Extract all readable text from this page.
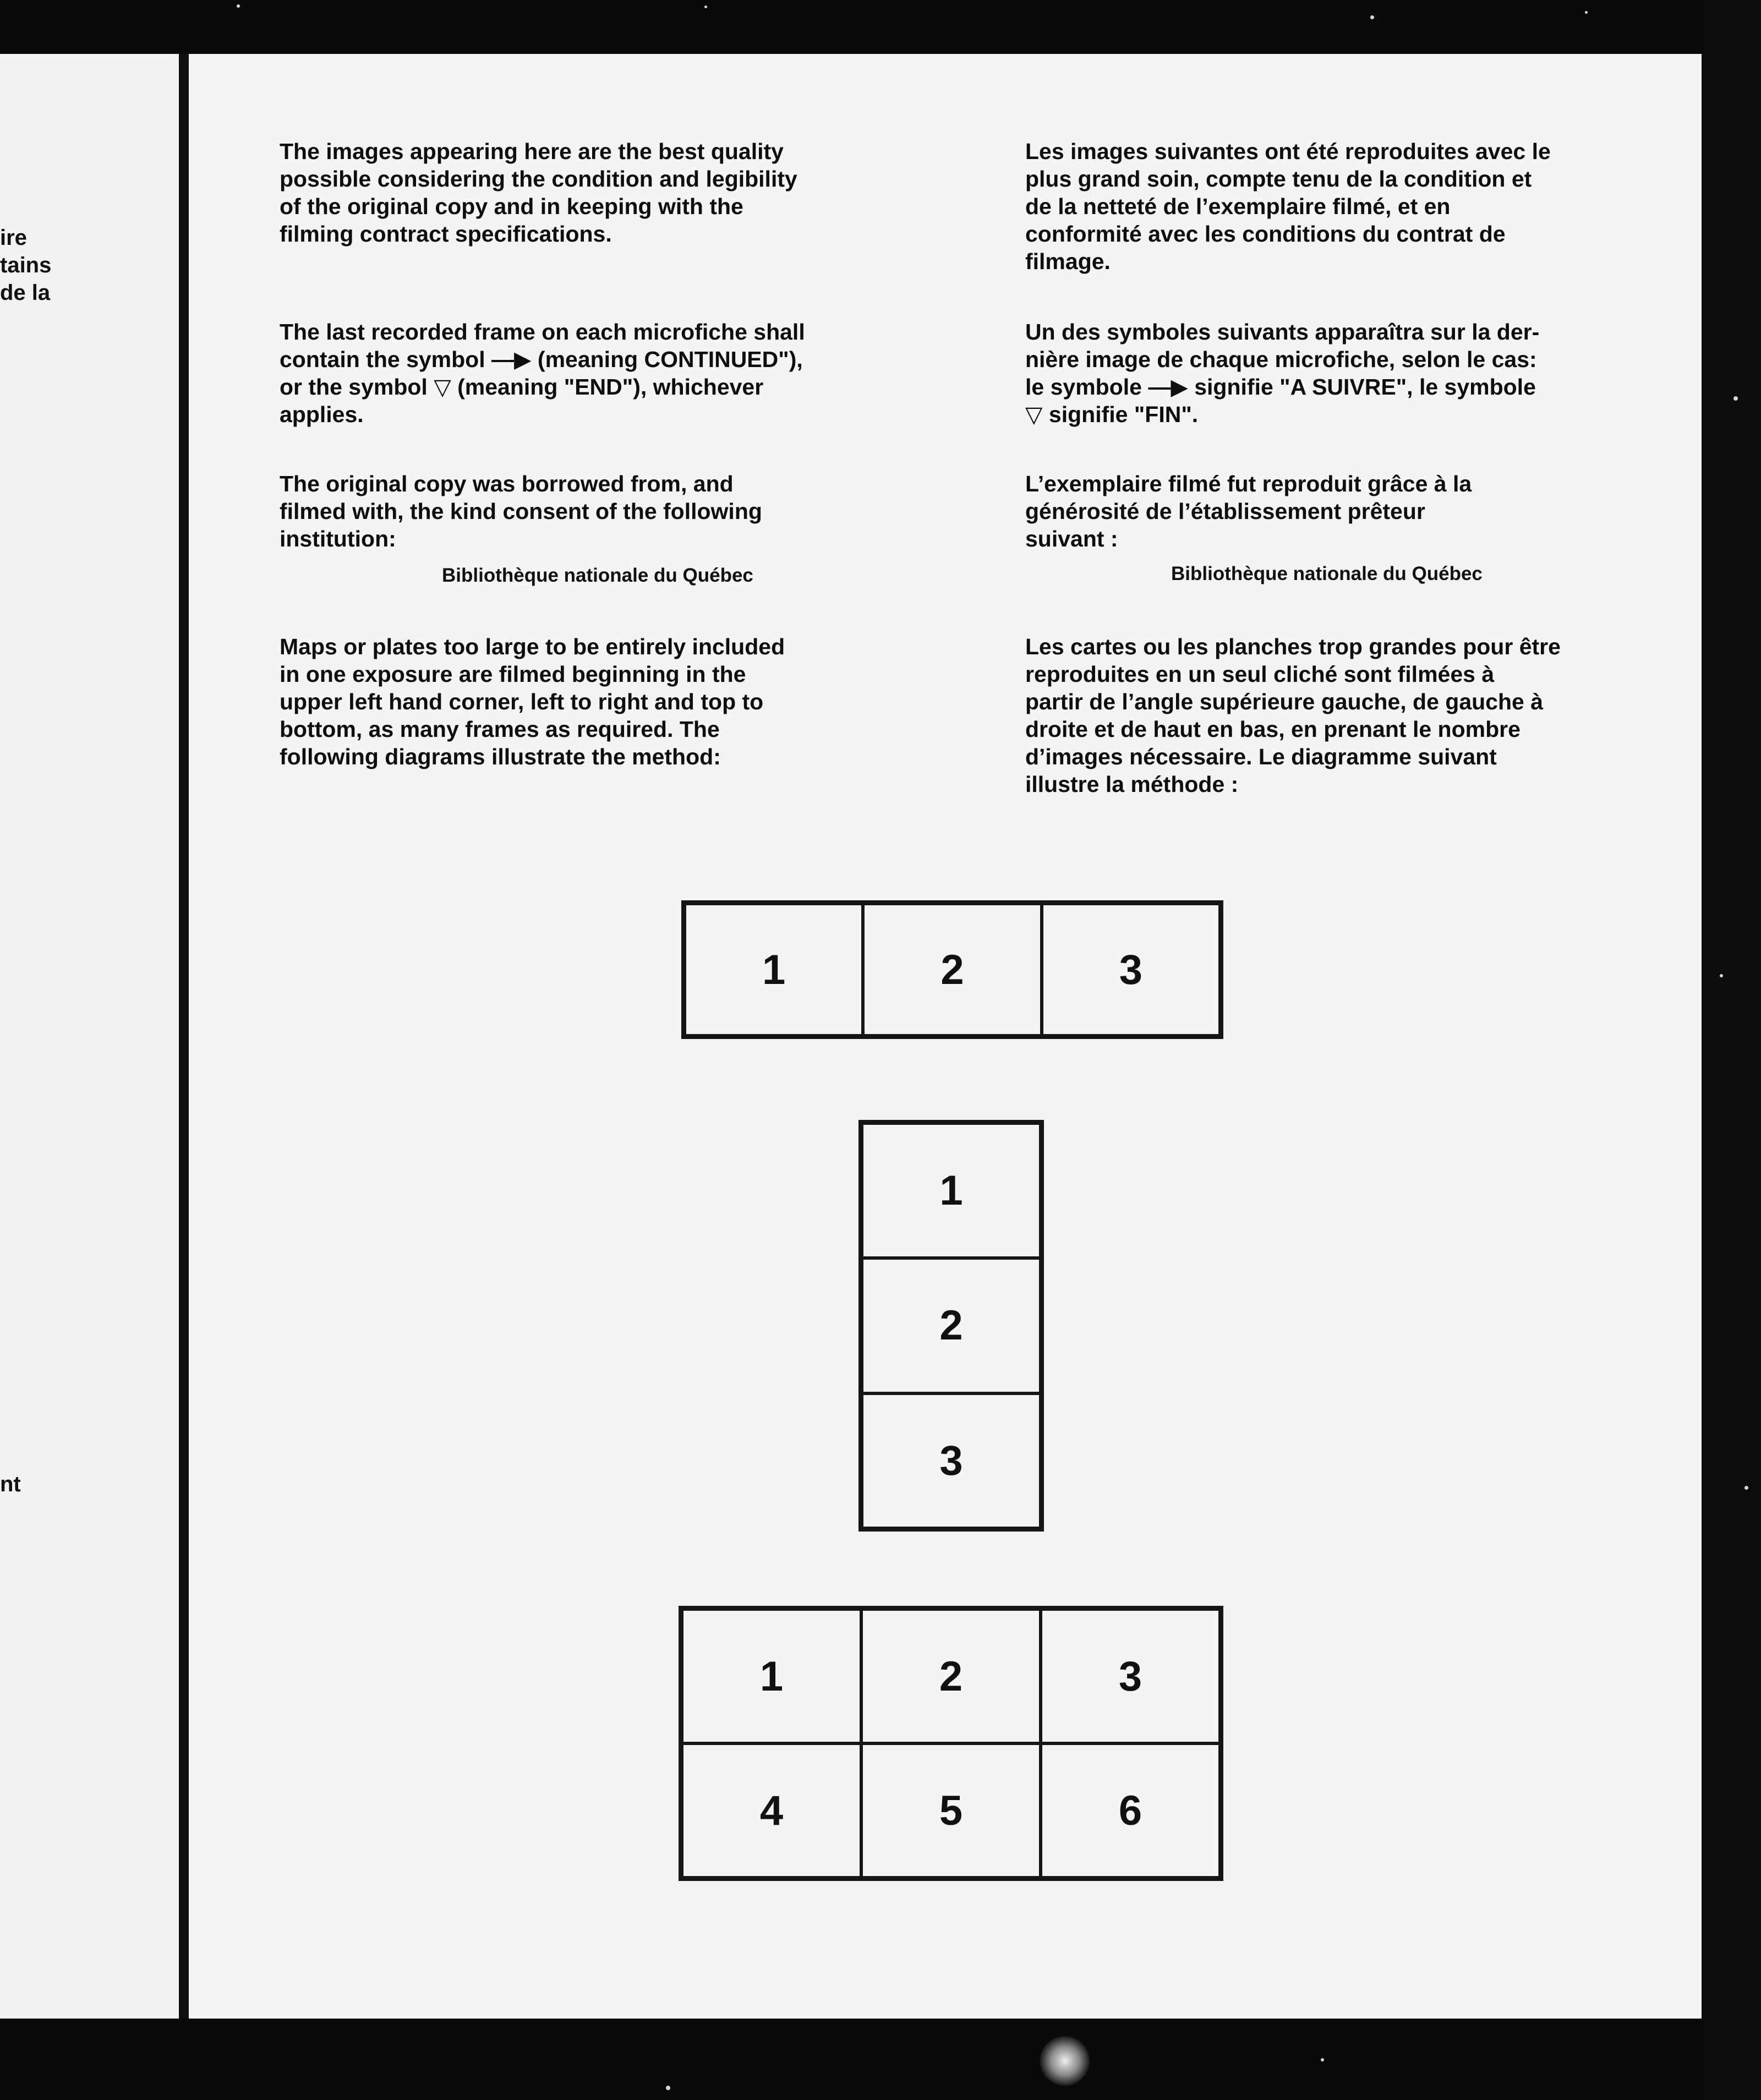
ire
tains
de la
nt

The images appearing here are the best quality

possible considering the condition and legibility

of the original copy and in keeping with the

filming contract specifications.

The last recorded frame on each microfiche shall

contain the symbol —▶ (meaning CONTINUED"),

or the symbol ▽ (meaning "END"), whichever

applies.

The original copy was borrowed from, and

filmed with, the kind consent of the following

institution:

Bibliothèque nationale du Québec

Maps or plates too large to be entirely included

in one exposure are filmed beginning in the

upper left hand corner, left to right and top to

bottom, as many frames as required. The

following diagrams illustrate the method:

Les images suivantes ont été reproduites avec le

plus grand soin, compte tenu de la condition et

de la netteté de l’exemplaire filmé, et en

conformité avec les conditions du contrat de

filmage.

Un des symboles suivants apparaîtra sur la der-

nière image de chaque microfiche, selon le cas:

le symbole —▶ signifie "A SUIVRE", le symbole

▽ signifie "FIN".

L’exemplaire filmé fut reproduit grâce à la

générosité de l’établissement prêteur

suivant :

Bibliothèque nationale du Québec

Les cartes ou les planches trop grandes pour être

reproduites en un seul cliché sont filmées à

partir de l’angle supérieure gauche, de gauche à

droite et de haut en bas, en prenant le nombre

d’images nécessaire. Le diagramme suivant

illustre la méthode :

1	2	3
1
2
3
1	2	3
4	5	6
